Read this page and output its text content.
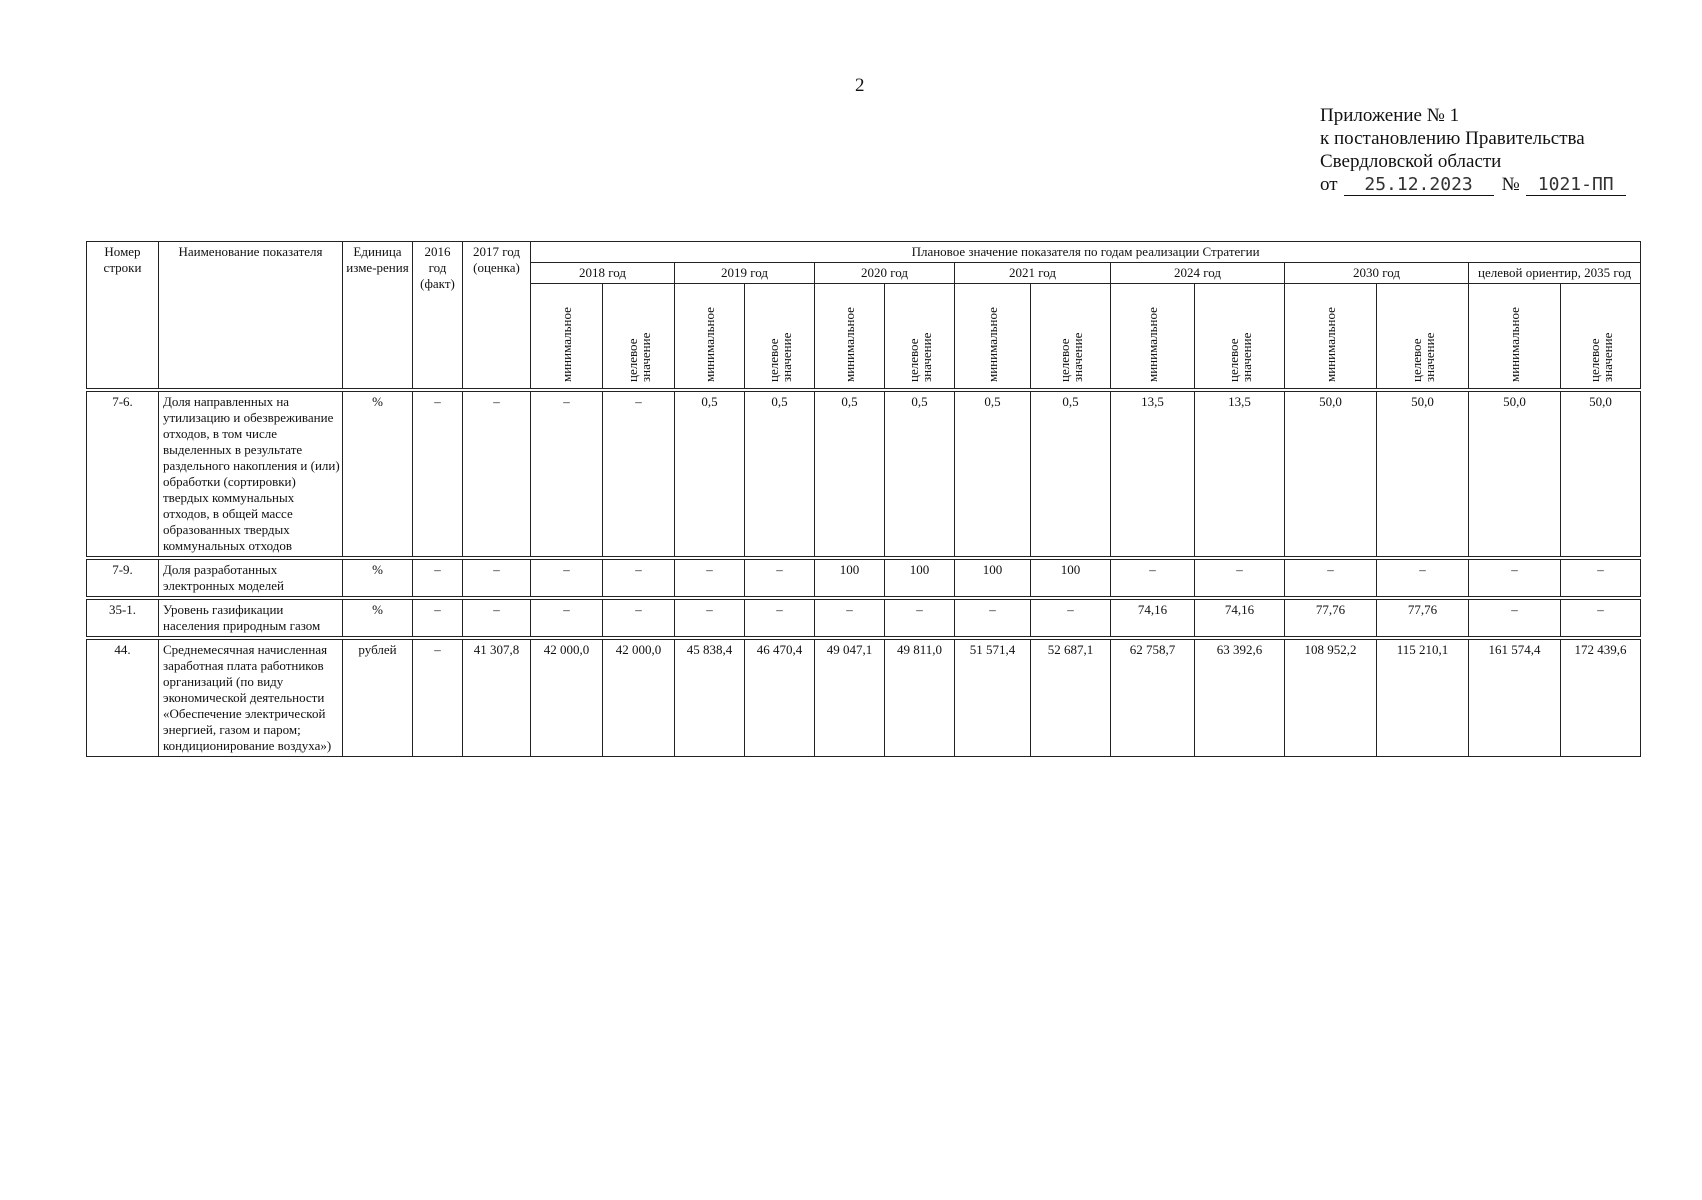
2
Приложение № 1
к постановлению Правительства
Свердловской области
от	25.12.2023	№	1021-ПП
Номер строки	Наименование показателя	Единица изме-рения	2016 год (факт)	2017 год (оценка)	Плановое значение показателя по годам реализации Стратегии													
					2018 год		2019 год		2020 год		2021 год		2024 год		2030 год		целевой ориентир, 2035 год	
					минимальное	целевое значение	минимальное	целевое значение	минимальное	целевое значение	минимальное	целевое значение	минимальное	целевое значение	минимальное	целевое значение	минимальное	целевое значение

7-6.	Доля направленных на утилизацию и обезвреживание отходов, в том числе выделенных в результате раздельного накопления и (или) обработки (сортировки) твердых коммунальных отходов, в общей массе образованных твердых коммунальных отходов	%	–	–	–	–	0,5	0,5	0,5	0,5	0,5	0,5	13,5	13,5	50,0	50,0	50,0	50,0

7-9.	Доля разработанных электронных моделей	%	–	–	–	–	–	–	100	100	100	100	–	–	–	–	–	–

35-1.	Уровень газификации населения природным газом	%	–	–	–	–	–	–	–	–	–	–	74,16	74,16	77,76	77,76	–	–

44.	Среднемесячная начисленная заработная плата работников организаций (по виду экономической деятельности «Обеспечение электрической энергией, газом и паром; кондиционирование воздуха»)	рублей	–	41 307,8	42 000,0	42 000,0	45 838,4	46 470,4	49 047,1	49 811,0	51 571,4	52 687,1	62 758,7	63 392,6	108 952,2	115 210,1	161 574,4	172 439,6
